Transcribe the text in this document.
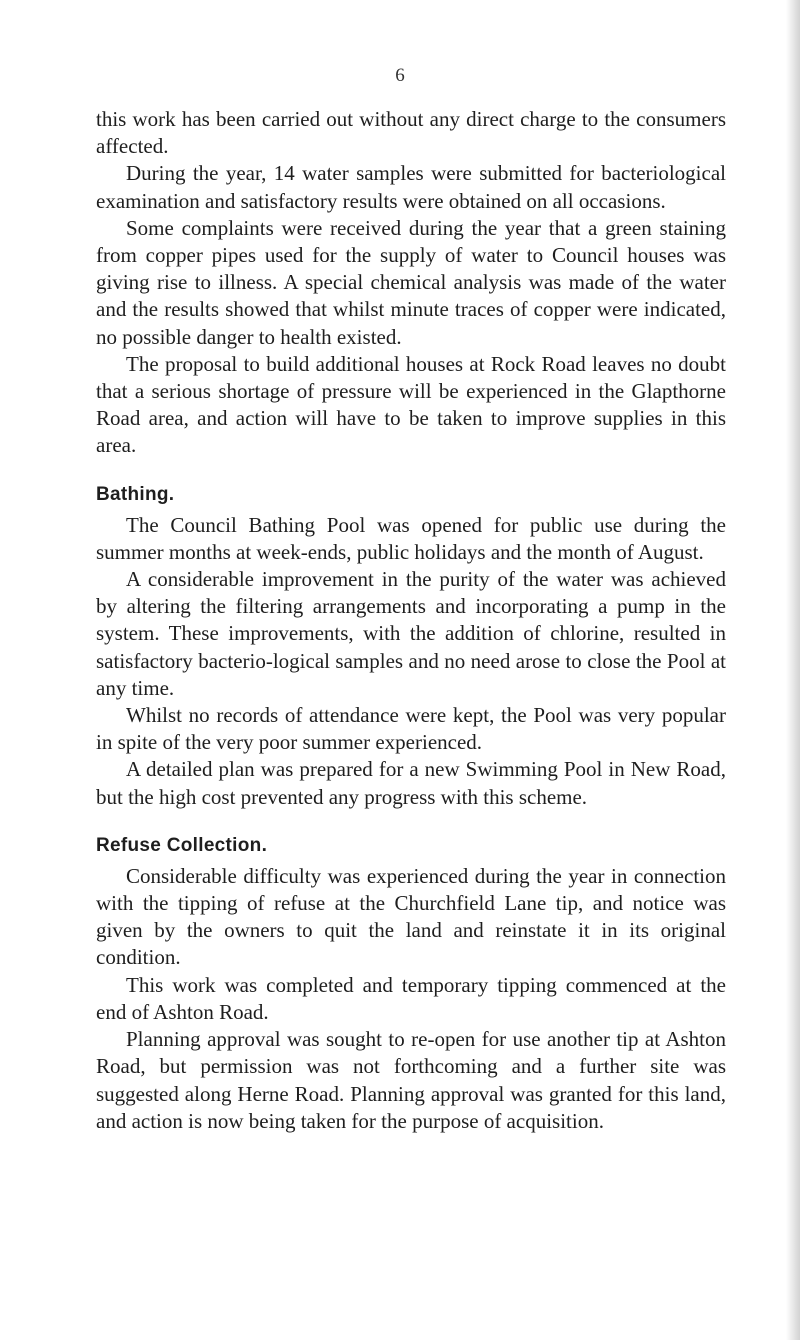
6

this work has been carried out without any direct charge to the consumers affected.

During the year, 14 water samples were submitted for bacteriological examination and satisfactory results were obtained on all occasions.

Some complaints were received during the year that a green staining from copper pipes used for the supply of water to Council houses was giving rise to illness. A special chemical analysis was made of the water and the results showed that whilst minute traces of copper were indicated, no possible danger to health existed.

The proposal to build additional houses at Rock Road leaves no doubt that a serious shortage of pressure will be experienced in the Glapthorne Road area, and action will have to be taken to improve supplies in this area.

Bathing.

The Council Bathing Pool was opened for public use during the summer months at week-ends, public holidays and the month of August.

A considerable improvement in the purity of the water was achieved by altering the filtering arrangements and incorporating a pump in the system. These improvements, with the addition of chlorine, resulted in satisfactory bacterio-logical samples and no need arose to close the Pool at any time.

Whilst no records of attendance were kept, the Pool was very popular in spite of the very poor summer experienced.

A detailed plan was prepared for a new Swimming Pool in New Road, but the high cost prevented any progress with this scheme.

Refuse Collection.

Considerable difficulty was experienced during the year in connection with the tipping of refuse at the Churchfield Lane tip, and notice was given by the owners to quit the land and reinstate it in its original condition.

This work was completed and temporary tipping commenced at the end of Ashton Road.

Planning approval was sought to re-open for use another tip at Ashton Road, but permission was not forthcoming and a further site was suggested along Herne Road. Planning approval was granted for this land, and action is now being taken for the purpose of acquisition.
